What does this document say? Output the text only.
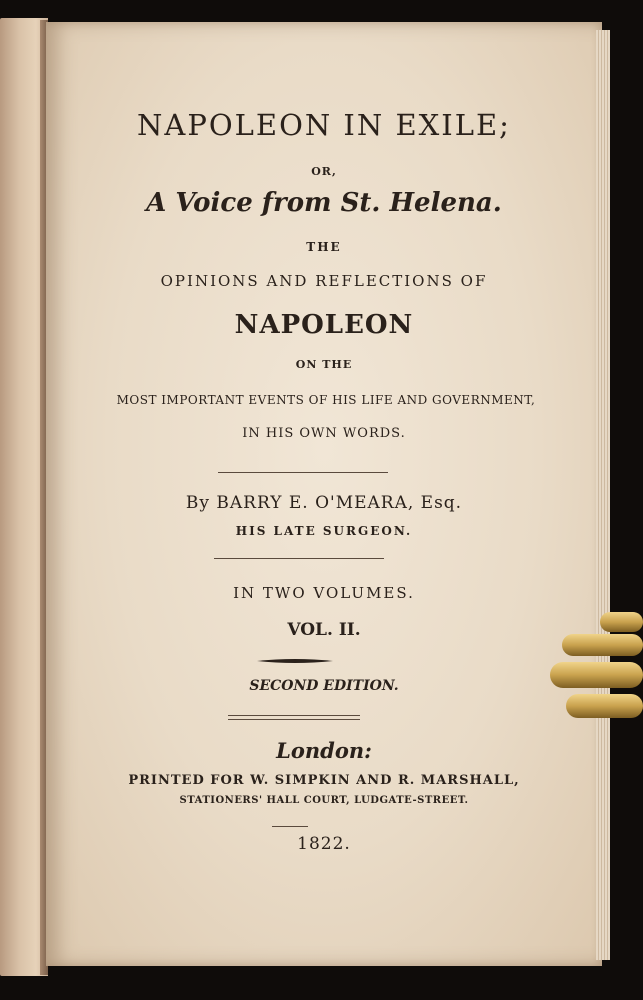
NAPOLEON IN EXILE;
OR,
A Voice from St. Helena.
THE
OPINIONS AND REFLECTIONS OF
NAPOLEON
ON THE
MOST IMPORTANT EVENTS OF HIS LIFE AND GOVERNMENT,
IN HIS OWN WORDS.
By BARRY E. O'MEARA, Esq.
HIS LATE SURGEON.
IN TWO VOLUMES.
VOL. II.
SECOND EDITION.
London:
PRINTED FOR W. SIMPKIN AND R. MARSHALL,
STATIONERS' HALL COURT, LUDGATE-STREET.
1822.
